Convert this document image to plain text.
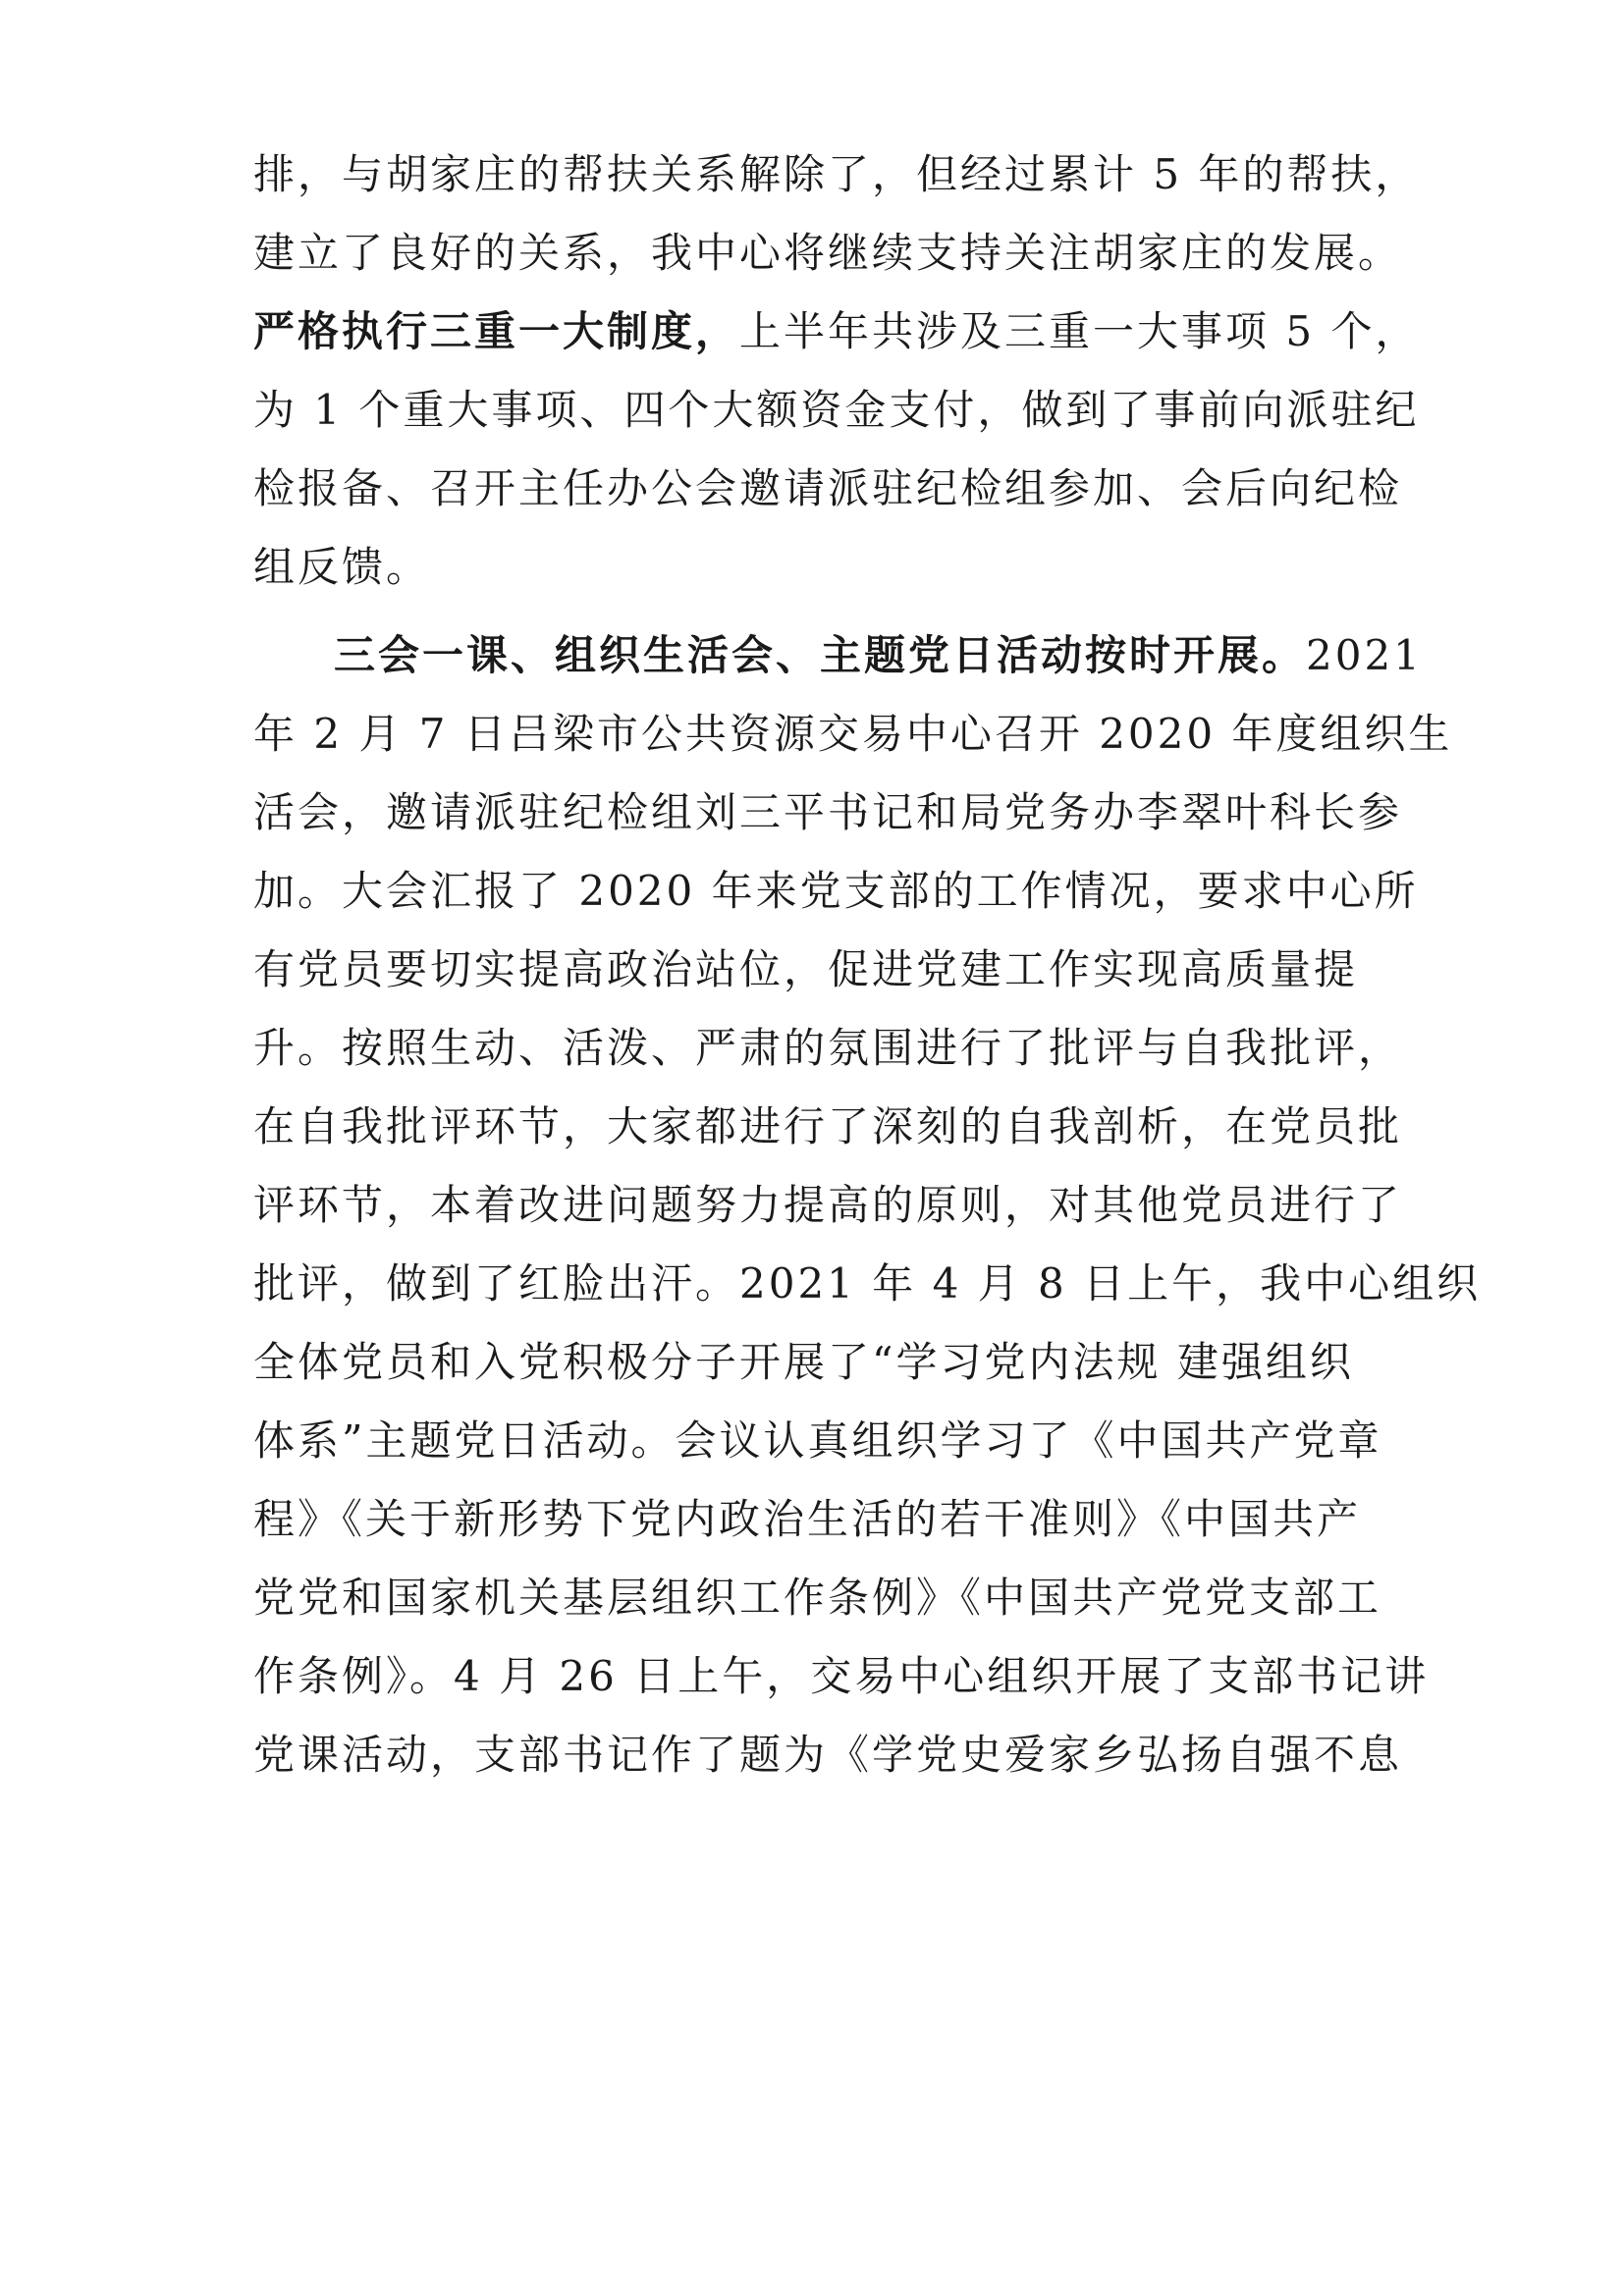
排，与胡家庄的帮扶关系解除了，但经过累计 5 年的帮扶，
建立了良好的关系，我中心将继续支持关注胡家庄的发展。
严格执行三重一大制度，上半年共涉及三重一大事项 5 个，
为 1 个重大事项、四个大额资金支付，做到了事前向派驻纪
检报备、召开主任办公会邀请派驻纪检组参加、会后向纪检
组反馈。
三会一课、组织生活会、主题党日活动按时开展。2021
年 2 月 7 日吕梁市公共资源交易中心召开 2020 年度组织生
活会，邀请派驻纪检组刘三平书记和局党务办李翠叶科长参
加。大会汇报了 2020 年来党支部的工作情况，要求中心所
有党员要切实提高政治站位，促进党建工作实现高质量提
升。按照生动、活泼、严肃的氛围进行了批评与自我批评，
在自我批评环节，大家都进行了深刻的自我剖析，在党员批
评环节，本着改进问题努力提高的原则，对其他党员进行了
批评，做到了红脸出汗。2021 年 4 月 8 日上午，我中心组织
全体党员和入党积极分子开展了“学习党内法规 建强组织
体系”主题党日活动。会议认真组织学习了《中国共产党章
程》《关于新形势下党内政治生活的若干准则》《中国共产
党党和国家机关基层组织工作条例》《中国共产党党支部工
作条例》。4 月 26 日上午，交易中心组织开展了支部书记讲
党课活动，支部书记作了题为《学党史爱家乡弘扬自强不息
